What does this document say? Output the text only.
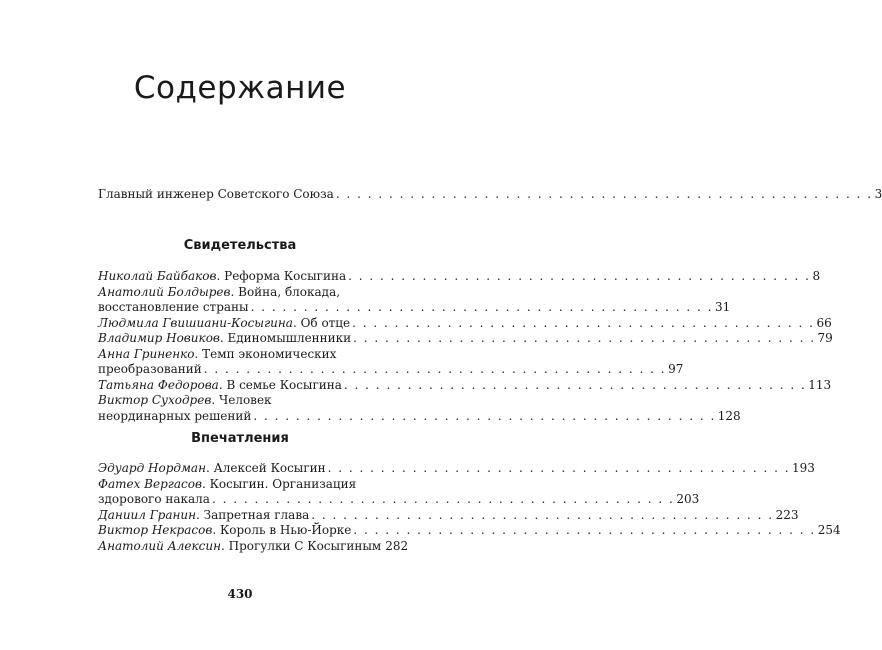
Содержание
Главный инженер Советского Союза . . . . . . . . . . . . . . . . . . . . . . . . . . . . . . . . . . . . . . . . . . . . . . . . . . . 3
Свидетельства
Николай Байбаков. Реформа Косыгина . . . . . . . . . . . . . . . . . . . . . . . . . . . . . . . . . . . . . . . . . . . . 8
Анатолий Болдырев. Война, блокада,
восстановление страны . . . . . . . . . . . . . . . . . . . . . . . . . . . . . . . . . . . . . . . . . . . . 31
Людмила Гвишиани-Косыгина. Об отце . . . . . . . . . . . . . . . . . . . . . . . . . . . . . . . . . . . . . . . . . . . . 66
Владимир Новиков. Единомышленники . . . . . . . . . . . . . . . . . . . . . . . . . . . . . . . . . . . . . . . . . . . . 79
Анна Гриненко. Темп экономических
преобразований . . . . . . . . . . . . . . . . . . . . . . . . . . . . . . . . . . . . . . . . . . . . 97
Татьяна Федорова. В семье Косыгина . . . . . . . . . . . . . . . . . . . . . . . . . . . . . . . . . . . . . . . . . . . . 113
Виктор Суходрев. Человек
неординарных решений . . . . . . . . . . . . . . . . . . . . . . . . . . . . . . . . . . . . . . . . . . . . 128
Впечатления
Эдуард Нордман. Алексей Косыгин . . . . . . . . . . . . . . . . . . . . . . . . . . . . . . . . . . . . . . . . . . . . 193
Фатех Вергасов. Косыгин. Организация
здорового накала . . . . . . . . . . . . . . . . . . . . . . . . . . . . . . . . . . . . . . . . . . . . 203
Даниил Гранин. Запретная глава . . . . . . . . . . . . . . . . . . . . . . . . . . . . . . . . . . . . . . . . . . . . 223
Виктор Некрасов. Король в Нью-Йорке . . . . . . . . . . . . . . . . . . . . . . . . . . . . . . . . . . . . . . . . . . . . 254
Анатолий Алексин. Прогулки С Косыгиным 282
430
